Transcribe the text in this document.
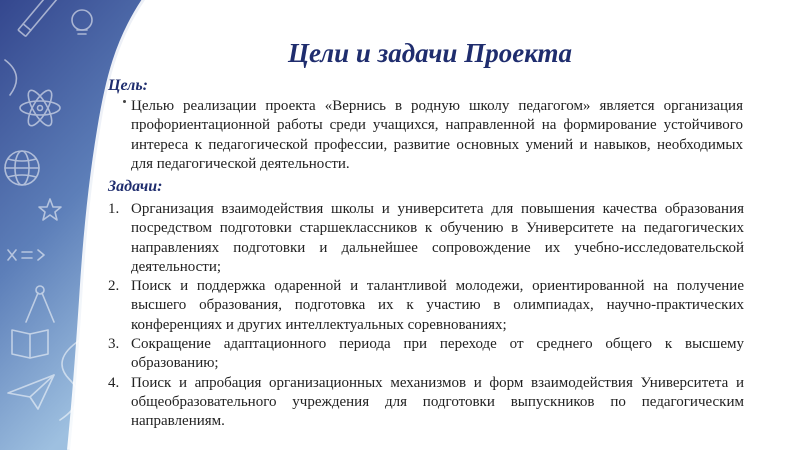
Цели и задачи Проекта
Цель:

Целью реализации проекта «Вернись в родную школу педагогом» является организация профориентационной работы среди учащихся, направленной на формирование устойчивого интереса к педагогической профессии, развитие основных умений и навыков, необходимых для педагогической деятельности.

Задачи:
1. Организация взаимодействия школы и университета для повышения качества образования посредством подготовки старшеклассников к обучению в Университете на педагогических направлениях подготовки и дальнейшее сопровождение их учебно-исследовательской деятельности;
2. Поиск и поддержка одаренной и талантливой молодежи, ориентированной на получение высшего образования, подготовка их к участию в олимпиадах, научно-практических конференциях и других интеллектуальных соревнованиях;
3. Сокращение адаптационного периода при переходе от среднего общего к высшему образованию;
4. Поиск и апробация организационных механизмов и форм взаимодействия Университета и общеобразовательного учреждения для подготовки выпускников по педагогическим направлениям.
